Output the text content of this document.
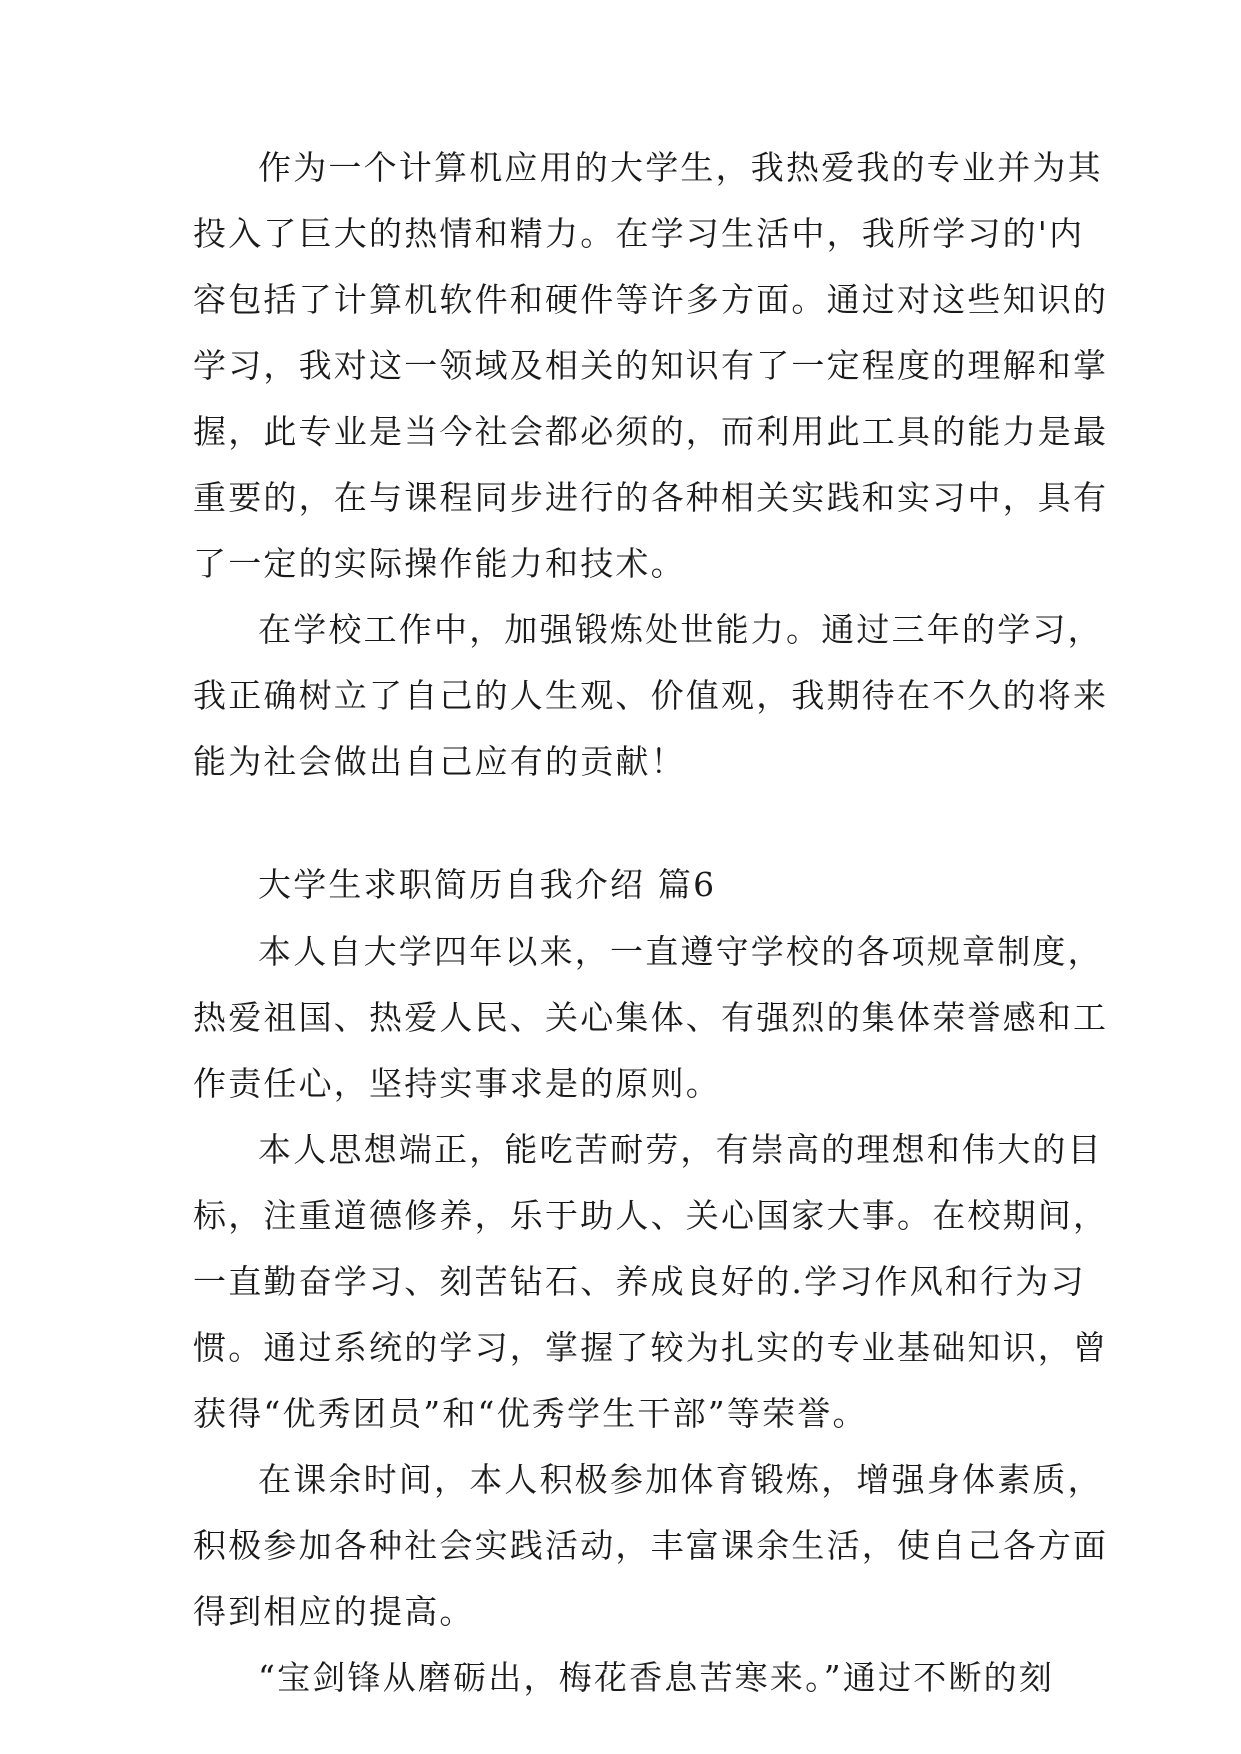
作为一个计算机应用的大学生，我热爱我的专业并为其
投入了巨大的热情和精力。在学习生活中，我所学习的'内
容包括了计算机软件和硬件等许多方面。通过对这些知识的
学习，我对这一领域及相关的知识有了一定程度的理解和掌
握，此专业是当今社会都必须的，而利用此工具的能力是最
重要的，在与课程同步进行的各种相关实践和实习中，具有
了一定的实际操作能力和技术。
在学校工作中，加强锻炼处世能力。通过三年的学习，
我正确树立了自己的人生观、价值观，我期待在不久的将来
能为社会做出自己应有的贡献！
大学生求职简历自我介绍 篇6
本人自大学四年以来，一直遵守学校的各项规章制度，
热爱祖国、热爱人民、关心集体、有强烈的集体荣誉感和工
作责任心，坚持实事求是的原则。
本人思想端正，能吃苦耐劳，有崇高的理想和伟大的目
标，注重道德修养，乐于助人、关心国家大事。在校期间，
一直勤奋学习、刻苦钻石、养成良好的.学习作风和行为习
惯。通过系统的学习，掌握了较为扎实的专业基础知识，曾
获得“优秀团员”和“优秀学生干部”等荣誉。
在课余时间，本人积极参加体育锻炼，增强身体素质，
积极参加各种社会实践活动，丰富课余生活，使自己各方面
得到相应的提高。
“宝剑锋从磨砺出，梅花香息苦寒来。”通过不断的刻
